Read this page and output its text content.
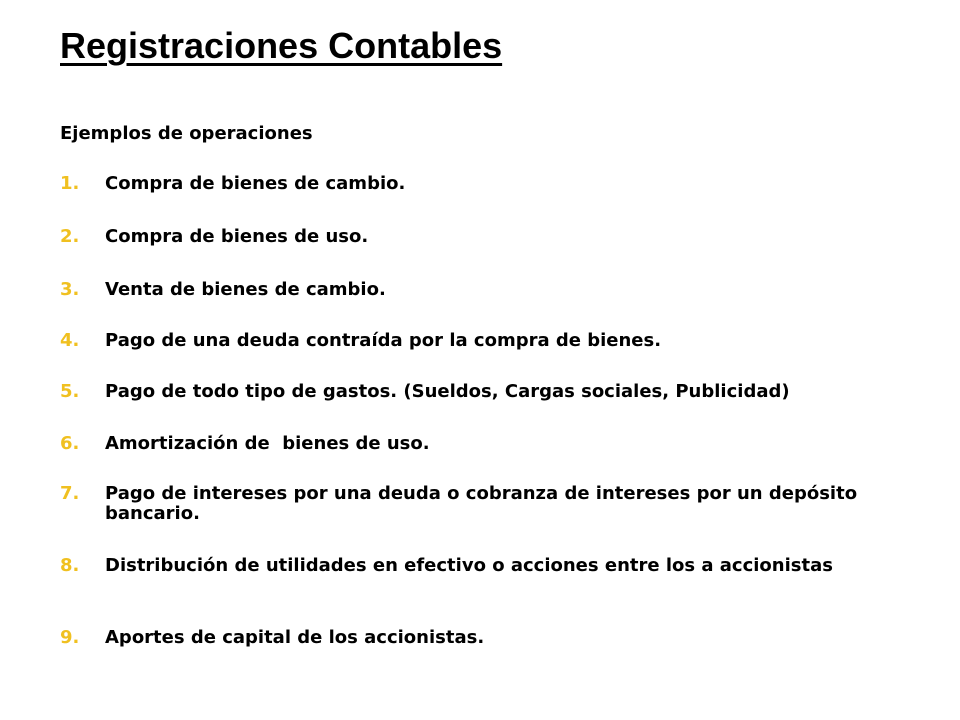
Registraciones Contables
Ejemplos de operaciones
1.	Compra de bienes de cambio.
2.	Compra de bienes de uso.
3.	Venta de bienes de cambio.
4.	Pago de una deuda contraída por la compra de bienes.
5.	Pago de todo tipo de gastos. (Sueldos, Cargas sociales, Publicidad)
6.	Amortización de  bienes de uso.
7.	Pago de intereses por una deuda o cobranza de intereses por un depósito bancario.
8.	Distribución de utilidades en efectivo o acciones entre los a accionistas
9.	Aportes de capital de los accionistas.
